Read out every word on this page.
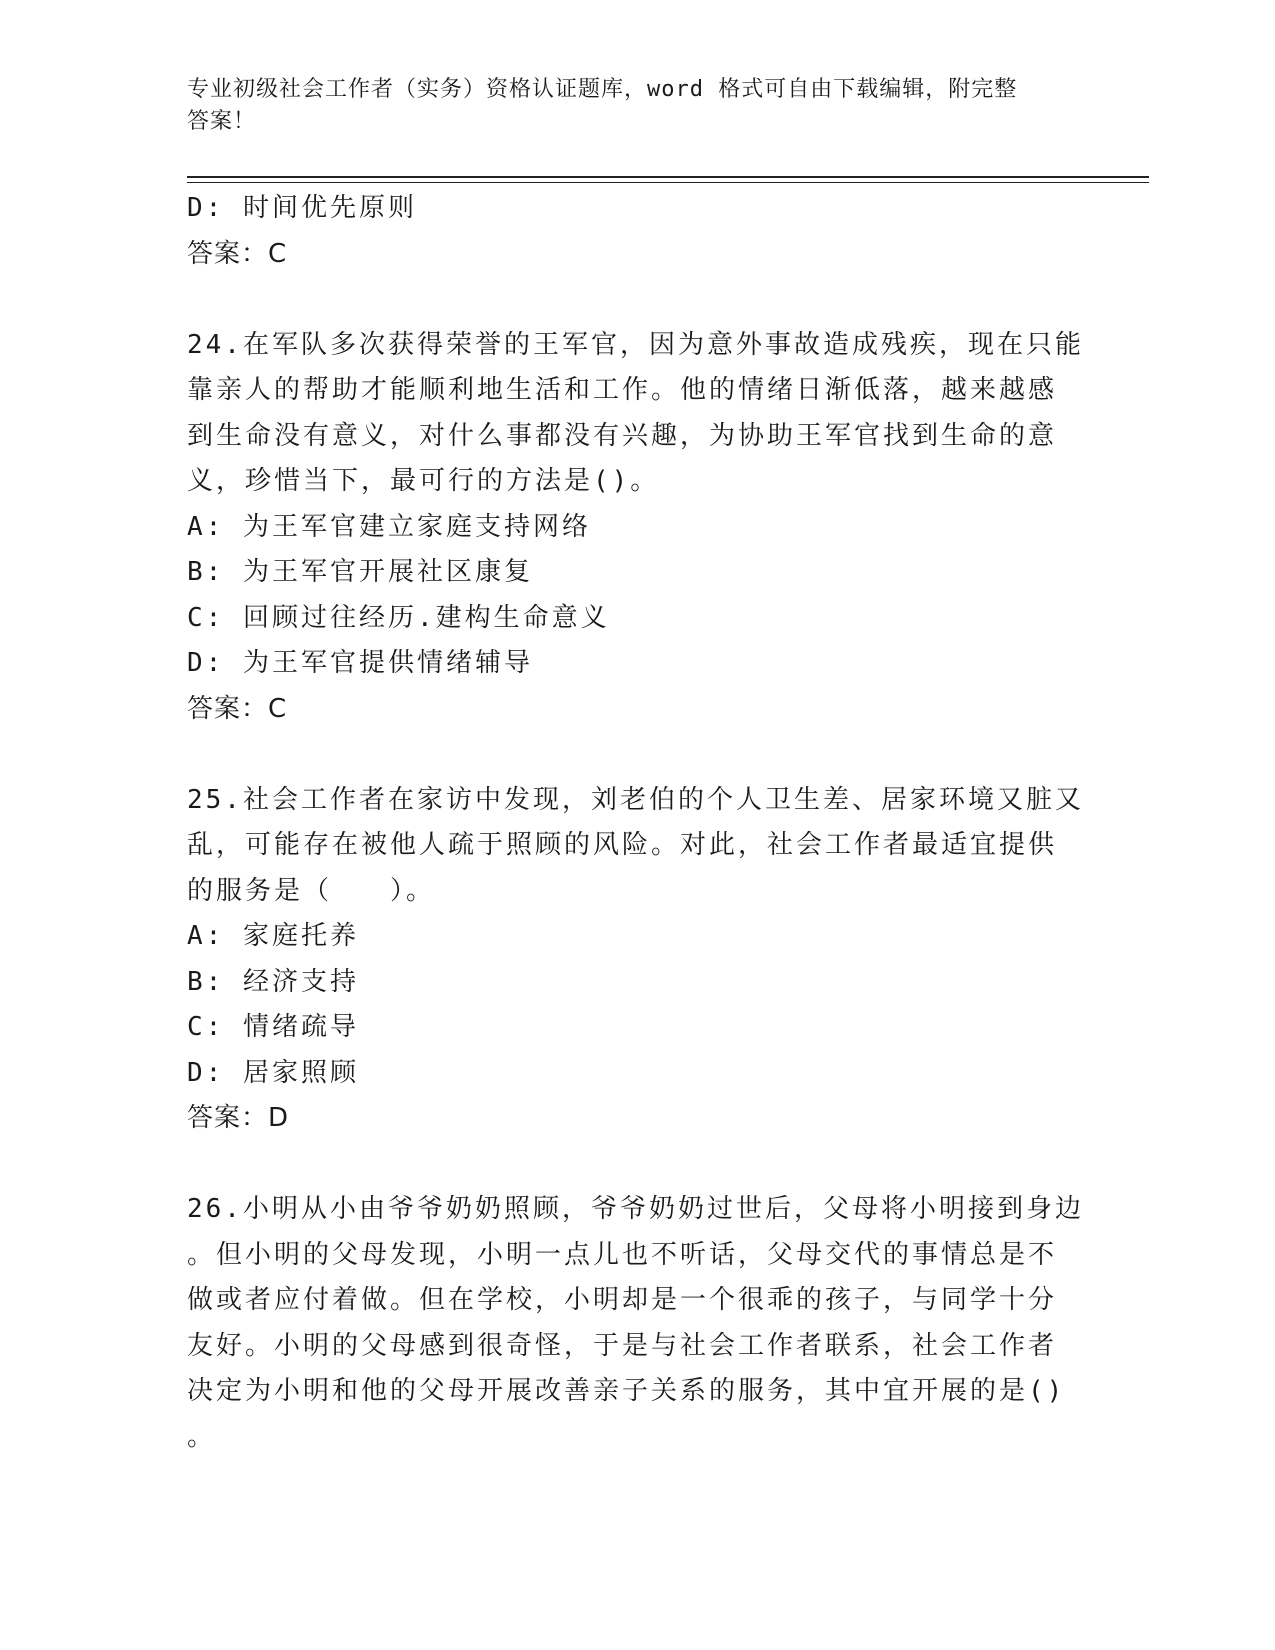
专业初级社会工作者（实务）资格认证题库，word 格式可自由下载编辑，附完整
答案！
D: 时间优先原则
答案：C
24.在军队多次获得荣誉的王军官，因为意外事故造成残疾，现在只能
靠亲人的帮助才能顺利地生活和工作。他的情绪日渐低落，越来越感
到生命没有意义，对什么事都没有兴趣，为协助王军官找到生命的意
义，珍惜当下，最可行的方法是()。
A: 为王军官建立家庭支持网络
B: 为王军官开展社区康复
C: 回顾过往经历.建构生命意义
D: 为王军官提供情绪辅导
答案：C
25.社会工作者在家访中发现，刘老伯的个人卫生差、居家环境又脏又
乱，可能存在被他人疏于照顾的风险。对此，社会工作者最适宜提供
的服务是（　　）。
A: 家庭托养
B: 经济支持
C: 情绪疏导
D: 居家照顾
答案：D
26.小明从小由爷爷奶奶照顾，爷爷奶奶过世后，父母将小明接到身边
。但小明的父母发现，小明一点儿也不听话，父母交代的事情总是不
做或者应付着做。但在学校，小明却是一个很乖的孩子，与同学十分
友好。小明的父母感到很奇怪，于是与社会工作者联系，社会工作者
决定为小明和他的父母开展改善亲子关系的服务，其中宜开展的是()
。
